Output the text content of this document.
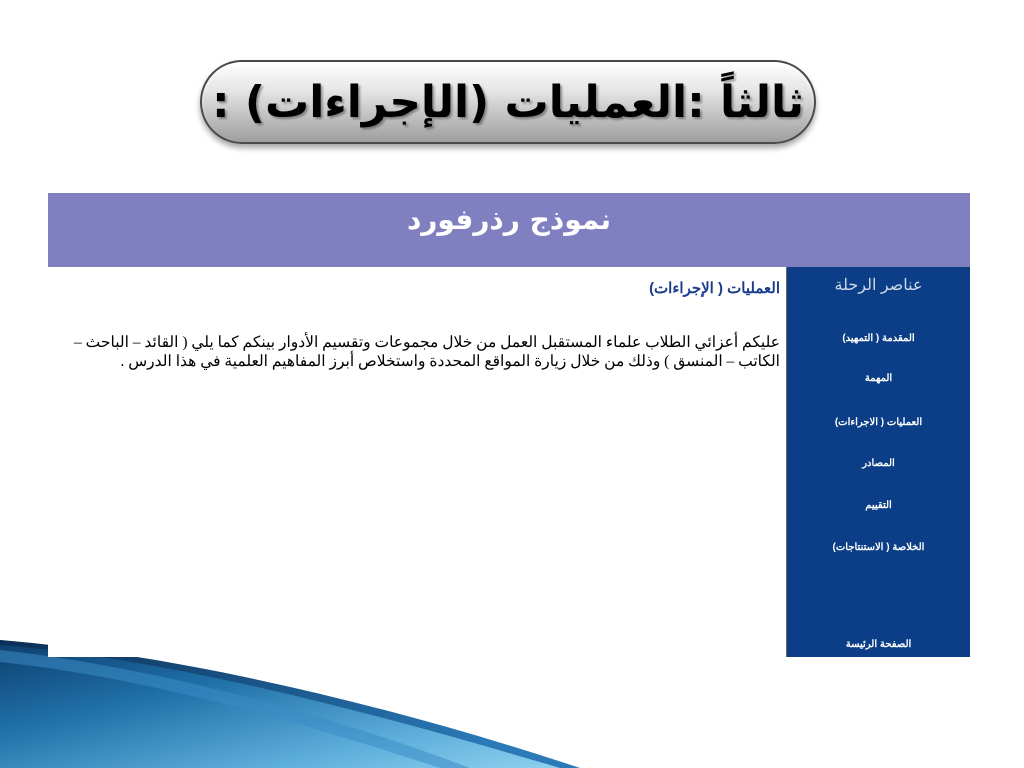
ثالثاً :العمليات (الإجراءات) :
نموذج رذرفورد
العمليات ( الإجراءات)
عليكم أعزائي الطلاب علماء المستقبل العمل من خلال مجموعات وتقسيم الأدوار بينكم كما يلي ( القائد – الباحث – الكاتب – المنسق ) وذلك من خلال زيارة المواقع المحددة واستخلاص أبرز المفاهيم العلمية في هذا الدرس .
عناصر الرحلة
المقدمة ( التمهيد)
المهمة
العمليات ( الاجراءات)
المصادر
التقييم
الخلاصة ( الاستنتاجات)
الصفحة الرئيسة
